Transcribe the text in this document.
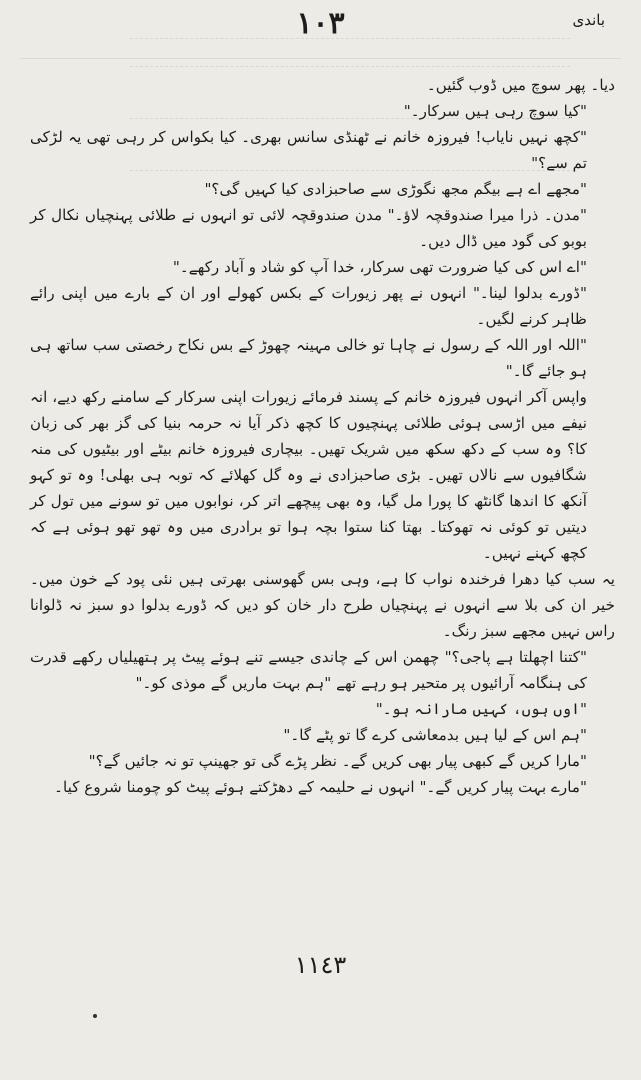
١٠٣	باندی

دیا۔ پھر سوچ میں ڈوب گئیں۔

"کیا سوچ رہی ہیں سرکار۔"

"کچھ نہیں نایاب! فیروزہ خانم نے ٹھنڈی سانس بھری۔ کیا بکواس کر رہی تھی یہ لڑکی تم سے؟"

"مجھے اے ہے بیگم مجھ نگوڑی سے صاحبزادی کیا کہیں گی؟"

"مدن۔ ذرا میرا صندوقچہ لاؤ۔" مدن صندوقچہ لائی تو انہوں نے طلائی پہنچیاں نکال کر بوبو کی گود میں ڈال دیں۔

"اے اس کی کیا ضرورت تھی سرکار، خدا آپ کو شاد و آباد رکھے۔"

"ڈورے بدلوا لینا۔" انہوں نے پھر زیورات کے بکس کھولے اور ان کے بارے میں اپنی رائے ظاہر کرنے لگیں۔

"اللہ اور اللہ کے رسول نے چاہا تو خالی مہینہ چھوڑ کے بس نکاح رخصتی سب ساتھ ہی ہو جائے گا۔"

واپس آکر انہوں فیروزہ خانم کے پسند فرمائے زیورات اپنی سرکار کے سامنے رکھ دیے، انہ نیفے میں اڑسی ہوئی طلائی پہنچیوں کا کچھ ذکر آیا نہ حرمہ بنیا کی گز بھر کی زبان کا؟ وہ سب کے دکھ سکھ میں شریک تھیں۔ بیچاری فیروزہ خانم بیٹے اور بیٹیوں کی منہ شگافیوں سے نالاں تھیں۔ بڑی صاحبزادی نے وہ گل کھلائے کہ توبہ ہی بھلی! وہ تو کہو آنکھ کا اندھا گانٹھ کا پورا مل گیا، وہ بھی پیچھے اتر کر، نوابوں میں تو سونے میں تول کر دیتیں تو کوئی نہ تھوکتا۔ بھتا کنا ستوا بچہ ہوا تو برادری میں وہ تھو تھو ہوئی ہے کہ کچھ کہنے نہیں۔

یہ سب کیا دھرا فرخندہ نواب کا ہے، وہی بس گھوسنی بھرتی ہیں نئی پود کے خون میں۔ خیر ان کی بلا سے انہوں نے پہنچیاں طرح دار خان کو دیں کہ ڈورے بدلوا دو سبز نہ ڈلوانا راس نہیں مجھے سبز رنگ۔

"کتنا اچھلتا ہے پاجی؟" چھمن اس کے چاندی جیسے تنے ہوئے پیٹ پر ہتھیلیاں رکھے قدرت کی ہنگامہ آرائیوں پر متحیر ہو رہے تھے "ہم بہت ماریں گے موذی کو۔"

"اوں ہوں، کہیں مارانہ ہو۔"

"ہم اس کے لیا ہیں بدمعاشی کرے گا تو پٹے گا۔"

"مارا کریں گے کبھی پیار بھی کریں گے۔ نظر پڑے گی تو جھینپ تو نہ جائیں گے؟"

"مارے بہت پیار کریں گے۔" انہوں نے حلیمہ کے دھڑکتے ہوئے پیٹ کو چومنا شروع کیا۔

١١٤٣
